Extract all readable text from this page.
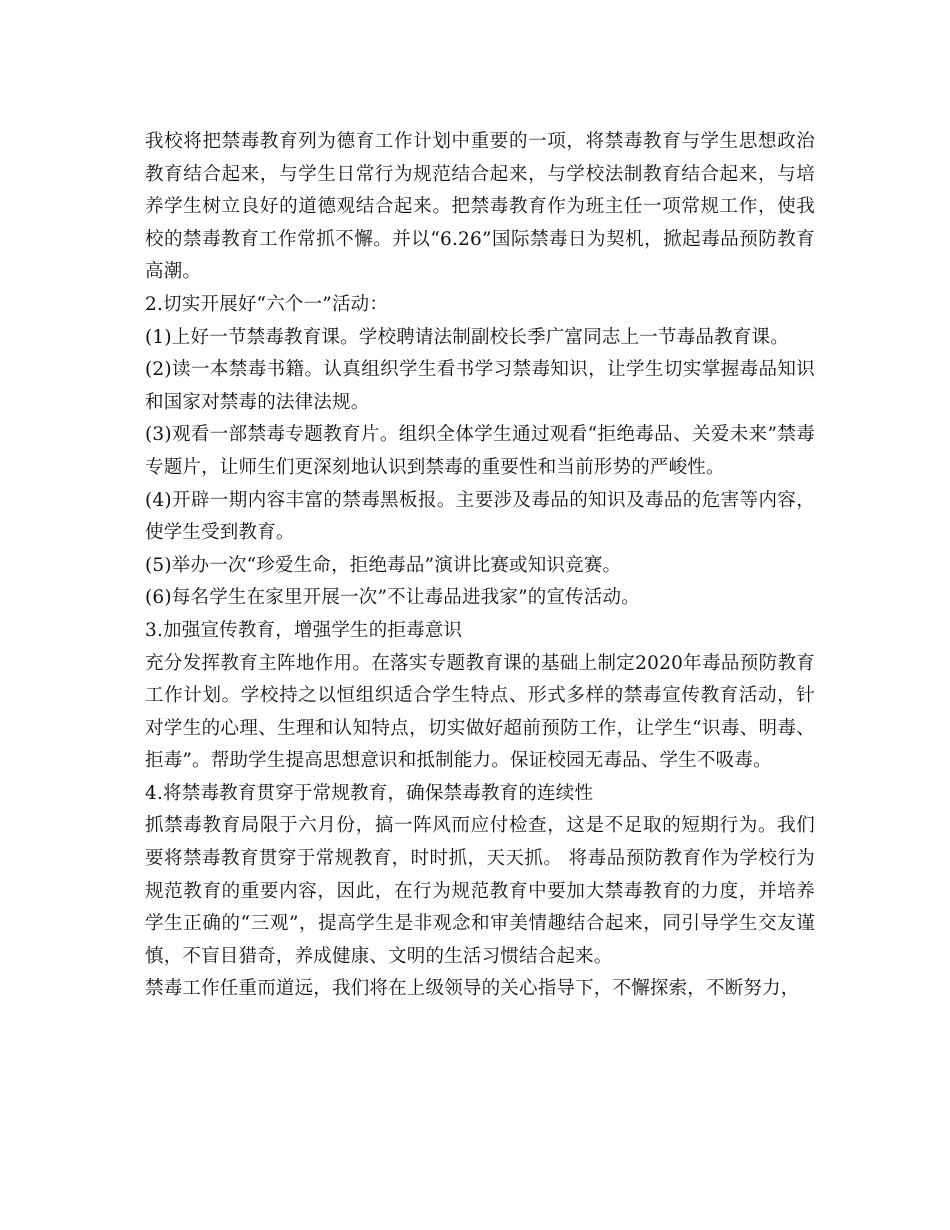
我校将把禁毒教育列为德育工作计划中重要的一项，将禁毒教育与学生思想政治教育结合起来，与学生日常行为规范结合起来，与学校法制教育结合起来，与培养学生树立良好的道德观结合起来。把禁毒教育作为班主任一项常规工作，使我校的禁毒教育工作常抓不懈。并以“6.26”国际禁毒日为契机，掀起毒品预防教育高潮。

2.切实开展好“六个一”活动：

(1)上好一节禁毒教育课。学校聘请法制副校长季广富同志上一节毒品教育课。

(2)读一本禁毒书籍。认真组织学生看书学习禁毒知识，让学生切实掌握毒品知识和国家对禁毒的法律法规。

(3)观看一部禁毒专题教育片。组织全体学生通过观看“拒绝毒品、关爱未来”禁毒专题片，让师生们更深刻地认识到禁毒的重要性和当前形势的严峻性。

(4)开辟一期内容丰富的禁毒黑板报。主要涉及毒品的知识及毒品的危害等内容，使学生受到教育。

(5)举办一次“珍爱生命，拒绝毒品”演讲比赛或知识竞赛。

(6)每名学生在家里开展一次”不让毒品进我家”的宣传活动。

3.加强宣传教育，增强学生的拒毒意识

充分发挥教育主阵地作用。在落实专题教育课的基础上制定2020年毒品预防教育工作计划。学校持之以恒组织适合学生特点、形式多样的禁毒宣传教育活动，针对学生的心理、生理和认知特点，切实做好超前预防工作，让学生“识毒、明毒、拒毒”。帮助学生提高思想意识和抵制能力。保证校园无毒品、学生不吸毒。

4.将禁毒教育贯穿于常规教育，确保禁毒教育的连续性

抓禁毒教育局限于六月份，搞一阵风而应付检查，这是不足取的短期行为。我们要将禁毒教育贯穿于常规教育，时时抓，天天抓。 将毒品预防教育作为学校行为规范教育的重要内容，因此，在行为规范教育中要加大禁毒教育的力度，并培养学生正确的“三观”，提高学生是非观念和审美情趣结合起来，同引导学生交友谨慎，不盲目猎奇，养成健康、文明的生活习惯结合起来。

禁毒工作任重而道远，我们将在上级领导的关心指导下，不懈探索，不断努力，
